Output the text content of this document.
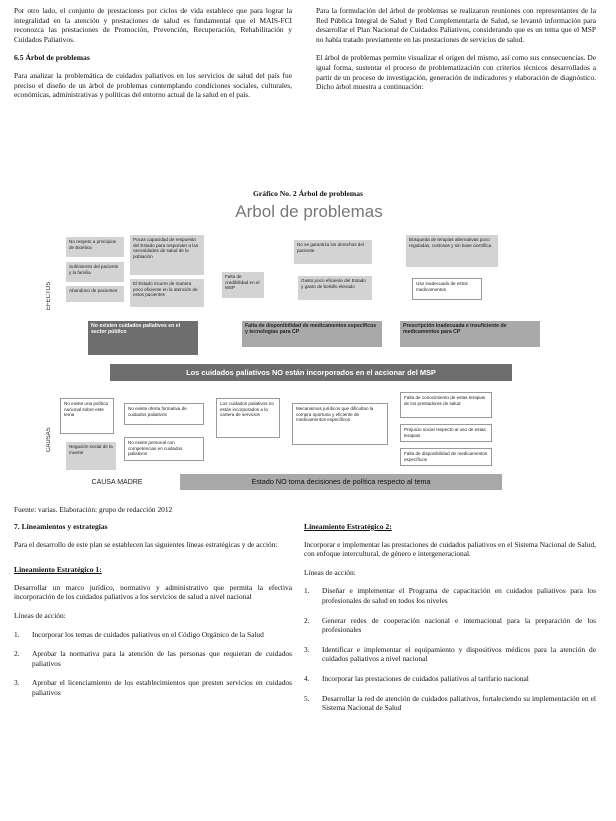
Por otro lado, el conjunto de prestaciones por ciclos de vida establece que para lograr la integralidad en la atención y prestaciones de salud es fundamental que el MAIS-FCI reconozca las prestaciones de Promoción, Prevención, Recuperación, Rehabilitación y Cuidados Paliativos.

6.5 Árbol de problemas

Para analizar la problemática de cuidados paliativos en los servicios de salud del país fue preciso el diseño de un árbol de problemas contemplando condiciones sociales, culturales, económicas, administrativas y políticas del entorno actual de la salud en el país.

Para la formulación del árbol de problemas se realizaron reuniones con representantes de la Red Pública Integral de Salud y Red Complementaria de Salud, se levantó información para desarrollar el Plan Nacional de Cuidados Paliativos, considerando que es un tema que el MSP no había tratado previamente en las prestaciones de servicios de salud.

El árbol de problemas permite visualizar el origen del mismo, así como sus consecuencias. De igual forma, sustentar el proceso de problematización con criterios técnicos desarrollados a partir de un proceso de investigación, generación de indicadores y elaboración de diagnóstico. Dicho árbol muestra a continuación:

Gráfico No. 2 Árbol de problemas
Arbol de problemas
EFECTOS
CAUSAS
No respeto a principios de Bioética
Sufrimiento del paciente y la familia
Abandono de pacientes
Pocas capacidad de respuesta del Estado para responder a las necesidades de salud de la población
El Estado incurre de manera poco eficiente en la atención de estos pacientes
Falta de credibilidad en el MSP
No se garantiza los derechos del paciente
Gasto poco eficiente del Estado y gasto de bolsillo elevado
Búsqueda de terapias alternativas poco reguladas, costosas y sin base científica
Uso inadecuado de estos medicamentos
No existen cuidados paliativos en el sector público
Falta de disponibilidad de medicamentos específicos y tecnologías para CP
Prescripción inadecuada e insuficiente de medicamentos para CP
Los cuidados paliativos NO están incorporados en el accionar del MSP
No existe una política nacional sobre este tema
Negación social de la muerte
No existe oferta formativa de cuidados paliativos
No existe personal con competencias en cuidados paliativos
Los cuidados paliativos no están incorporados a la cartera de servicios
Mecanismos jurídicos que dificultan la compra oportuna y eficiente de medicamentos específicos
Falta de conocimiento de estas terapias de los prestadores de salud
Prejuicio social respecto al uso de estas terapias
Falta de disponibilidad de medicamentos específicos
CAUSA MADRE	Estado NO toma decisiones de política respecto al tema
Fuente: varias. Elaboración: grupo de redacción 2012
7. Lineamientos y estrategias

Para el desarrollo de este plan se establecen las siguientes líneas estratégicas y de acción:

Lineamiento Estratégico 1:

Desarrollar un marco jurídico, normativo y administrativo que permita la efectiva incorporación de los cuidados paliativos a los servicios de salud a nivel nacional

Líneas de acción:

1.	Incorporar los temas de cuidados paliativos en el Código Orgánico de la Salud
2.	Aprobar la normativa para la atención de las personas que requieran de cuidados paliativos
3.	Aprobar el licenciamiento de los establecimientos que presten servicios en cuidados paliativos
Lineamiento Estratégico 2:

Incorporar e implementar las prestaciones de cuidados paliativos en el Sistema Nacional de Salud, con enfoque intercultural, de género e intergeneracional.

Líneas de acción:

1.	Diseñar e implementar el Programa de capacitación en cuidados paliativos para los profesionales de salud en todos los niveles
2.	Generar redes de cooperación nacional e internacional para la preparación de los profesionales
3.	Identificar e implementar el equipamiento y dispositivos médicos para la atención de cuidados paliativos a nivel nacional
4.	Incorporar las prestaciones de cuidados paliativos al tarifario nacional
5.	Desarrollar la red de atención de cuidados paliativos, fortaleciendo su implementación en el Sistema Nacional de Salud
